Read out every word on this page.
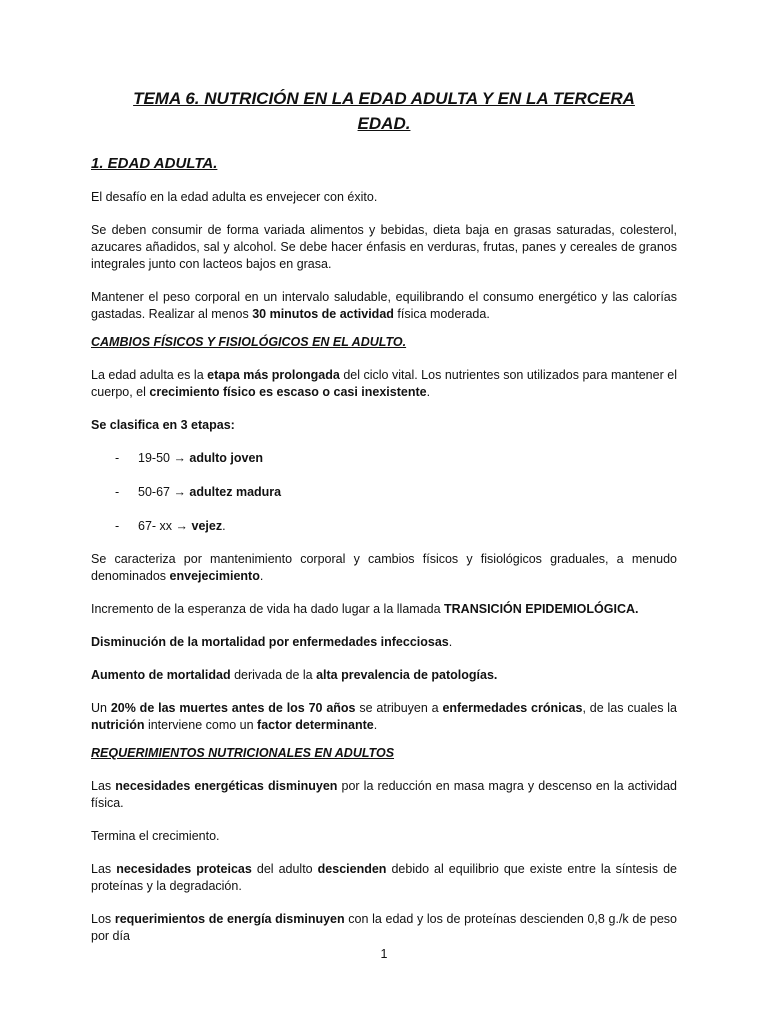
TEMA 6. NUTRICIÓN EN LA EDAD ADULTA Y EN LA TERCERA
EDAD.
1. EDAD ADULTA.

El desafío en la edad adulta es envejecer con éxito.

Se deben consumir de forma variada alimentos y bebidas, dieta baja en grasas saturadas, colesterol, azucares añadidos, sal y alcohol. Se debe hacer énfasis en verduras, frutas, panes y cereales de granos integrales junto con lacteos bajos en grasa.

Mantener el peso corporal en un intervalo saludable, equilibrando el consumo energético y las calorías gastadas. Realizar al menos 30 minutos de actividad física moderada.

CAMBIOS FÍSICOS Y FISIOLÓGICOS EN EL ADULTO.

La edad adulta es la etapa más prolongada del ciclo vital. Los nutrientes son utilizados para mantener el cuerpo, el crecimiento físico es escaso o casi inexistente.

Se clasifica en 3 etapas:

-	19-50 → adulto joven
-	50-67 → adultez madura
-	67- xx → vejez.

Se caracteriza por mantenimiento corporal y cambios físicos y fisiológicos graduales, a menudo denominados envejecimiento.

Incremento de la esperanza de vida ha dado lugar a la llamada TRANSICIÓN EPIDEMIOLÓGICA.

Disminución de la mortalidad por enfermedades infecciosas.

Aumento de mortalidad derivada de la alta prevalencia de patologías.

Un 20% de las muertes antes de los 70 años se atribuyen a enfermedades crónicas, de las cuales la nutrición interviene como un factor determinante.

REQUERIMIENTOS NUTRICIONALES EN ADULTOS

Las necesidades energéticas disminuyen por la reducción en masa magra y descenso en la actividad física.

Termina el crecimiento.

Las necesidades proteicas del adulto descienden debido al equilibrio que existe entre la síntesis de proteínas y la degradación.

Los requerimientos de energía disminuyen con la edad y los de proteínas descienden 0,8 g./k de peso por día

1
